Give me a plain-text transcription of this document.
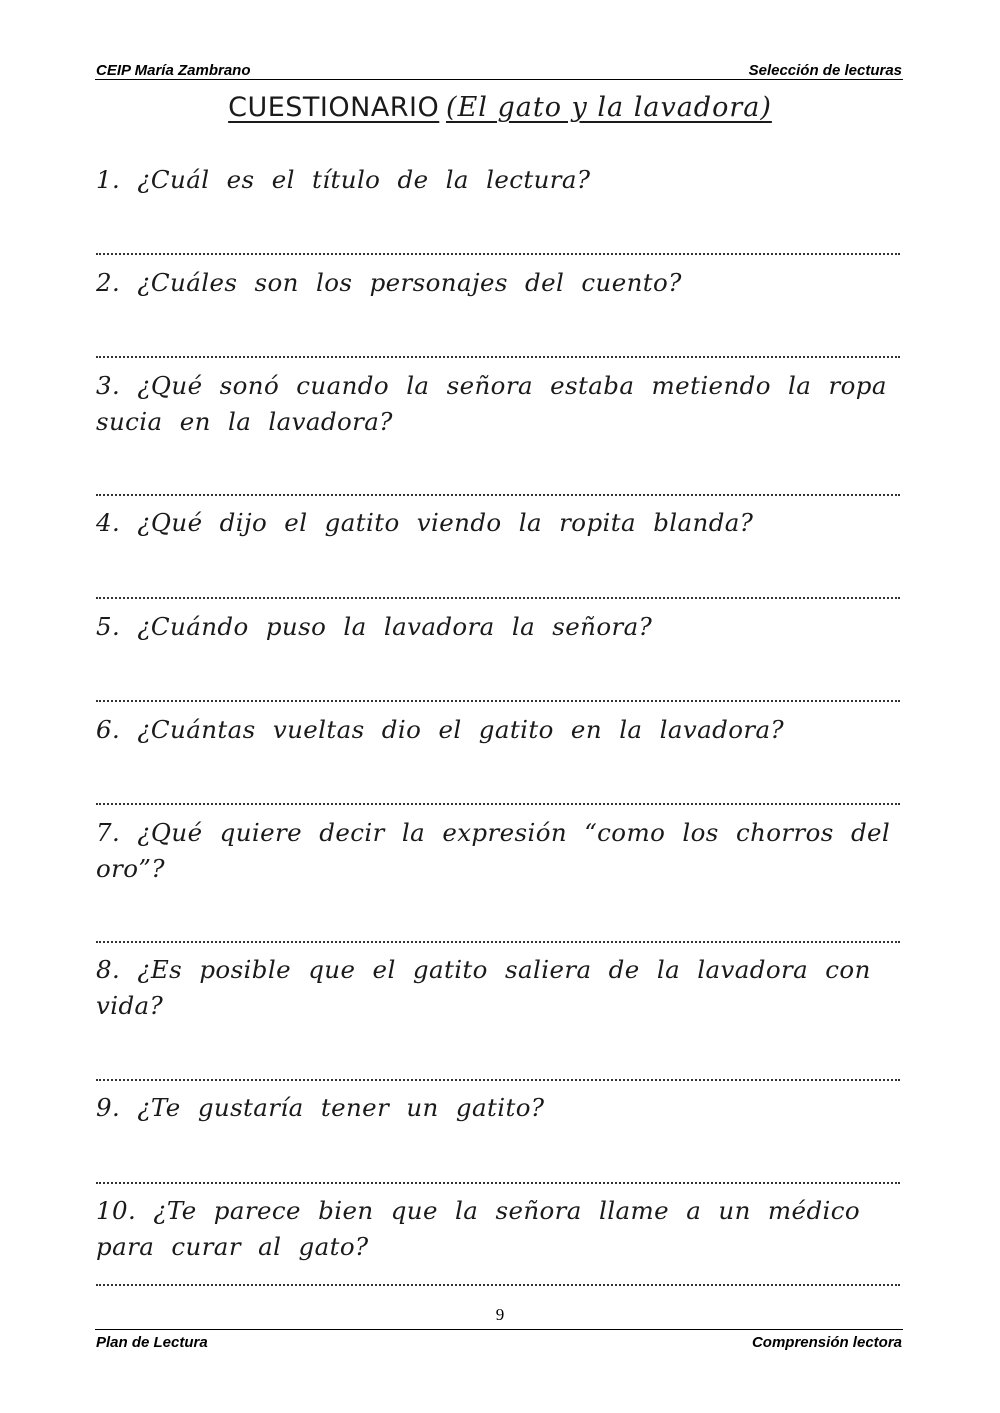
CEIP María Zambrano	Selección de lecturas
CUESTIONARIO (El gato y la lavadora)

1. ¿Cuál es el título de la lectura?

2. ¿Cuáles son los personajes del cuento?

3. ¿Qué sonó cuando la señora estaba metiendo la ropa sucia en la lavadora?

4. ¿Qué dijo el gatito viendo la ropita blanda?

5. ¿Cuándo puso la lavadora la señora?

6. ¿Cuántas vueltas dio el gatito en la lavadora?

7. ¿Qué quiere decir la expresión “como los chorros del oro”?

8. ¿Es posible que el gatito saliera de la lavadora con vida?

9. ¿Te gustaría tener un gatito?

10. ¿Te parece bien que la señora llame a un médico para curar al gato?

9
Plan de Lectura	Comprensión lectora
